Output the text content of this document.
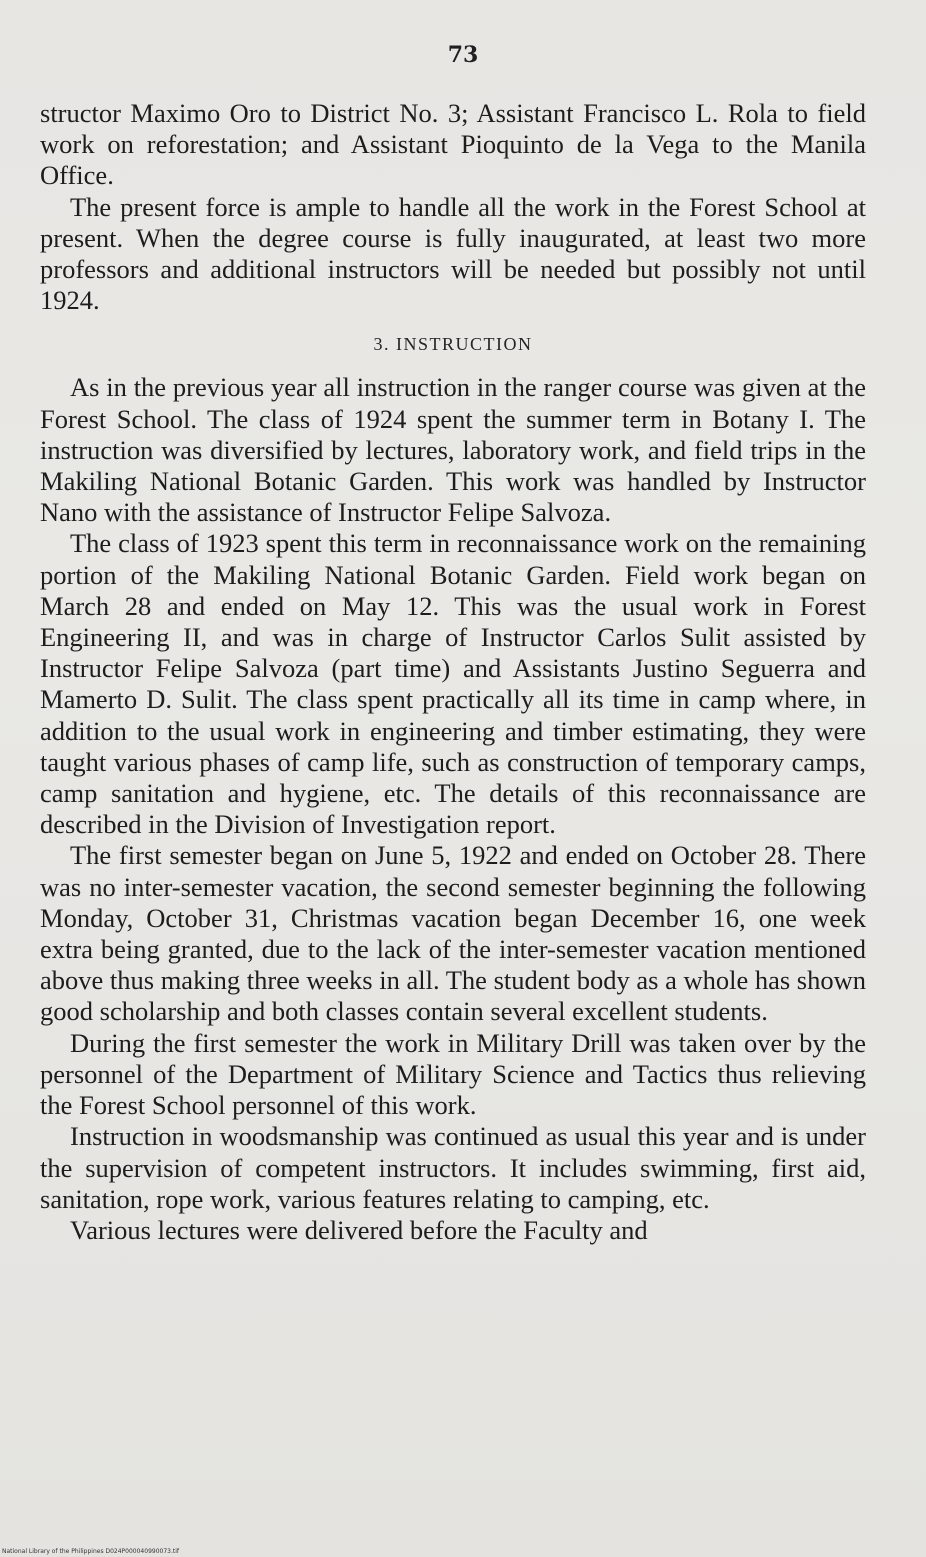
73

structor Maximo Oro to District No. 3; Assistant Francisco L. Rola to field work on reforestation; and Assistant Pioquinto de la Vega to the Manila Office.

The present force is ample to handle all the work in the Forest School at present. When the degree course is fully inaugurated, at least two more professors and additional instructors will be needed but possibly not until 1924.

3. INSTRUCTION

As in the previous year all instruction in the ranger course was given at the Forest School. The class of 1924 spent the summer term in Botany I. The instruction was diversified by lectures, laboratory work, and field trips in the Makiling National Botanic Garden. This work was handled by Instructor Nano with the assistance of Instructor Felipe Salvoza.

The class of 1923 spent this term in reconnaissance work on the remaining portion of the Makiling National Botanic Garden. Field work began on March 28 and ended on May 12. This was the usual work in Forest Engineering II, and was in charge of Instructor Carlos Sulit assisted by Instructor Felipe Salvoza (part time) and Assistants Justino Seguerra and Mamerto D. Sulit. The class spent practically all its time in camp where, in addition to the usual work in engineering and timber estimating, they were taught various phases of camp life, such as construction of temporary camps, camp sanitation and hygiene, etc. The details of this reconnaissance are described in the Division of Investigation report.

The first semester began on June 5, 1922 and ended on October 28. There was no inter-semester vacation, the second semester beginning the following Monday, October 31, Christmas vacation began December 16, one week extra being granted, due to the lack of the inter-semester vacation mentioned above thus making three weeks in all. The student body as a whole has shown good scholarship and both classes contain several excellent students.

During the first semester the work in Military Drill was taken over by the personnel of the Department of Military Science and Tactics thus relieving the Forest School personnel of this work.

Instruction in woodsmanship was continued as usual this year and is under the supervision of competent instructors. It includes swimming, first aid, sanitation, rope work, various features relating to camping, etc.

Various lectures were delivered before the Faculty and

National Library of the Philippines D024P000040990073.tif
